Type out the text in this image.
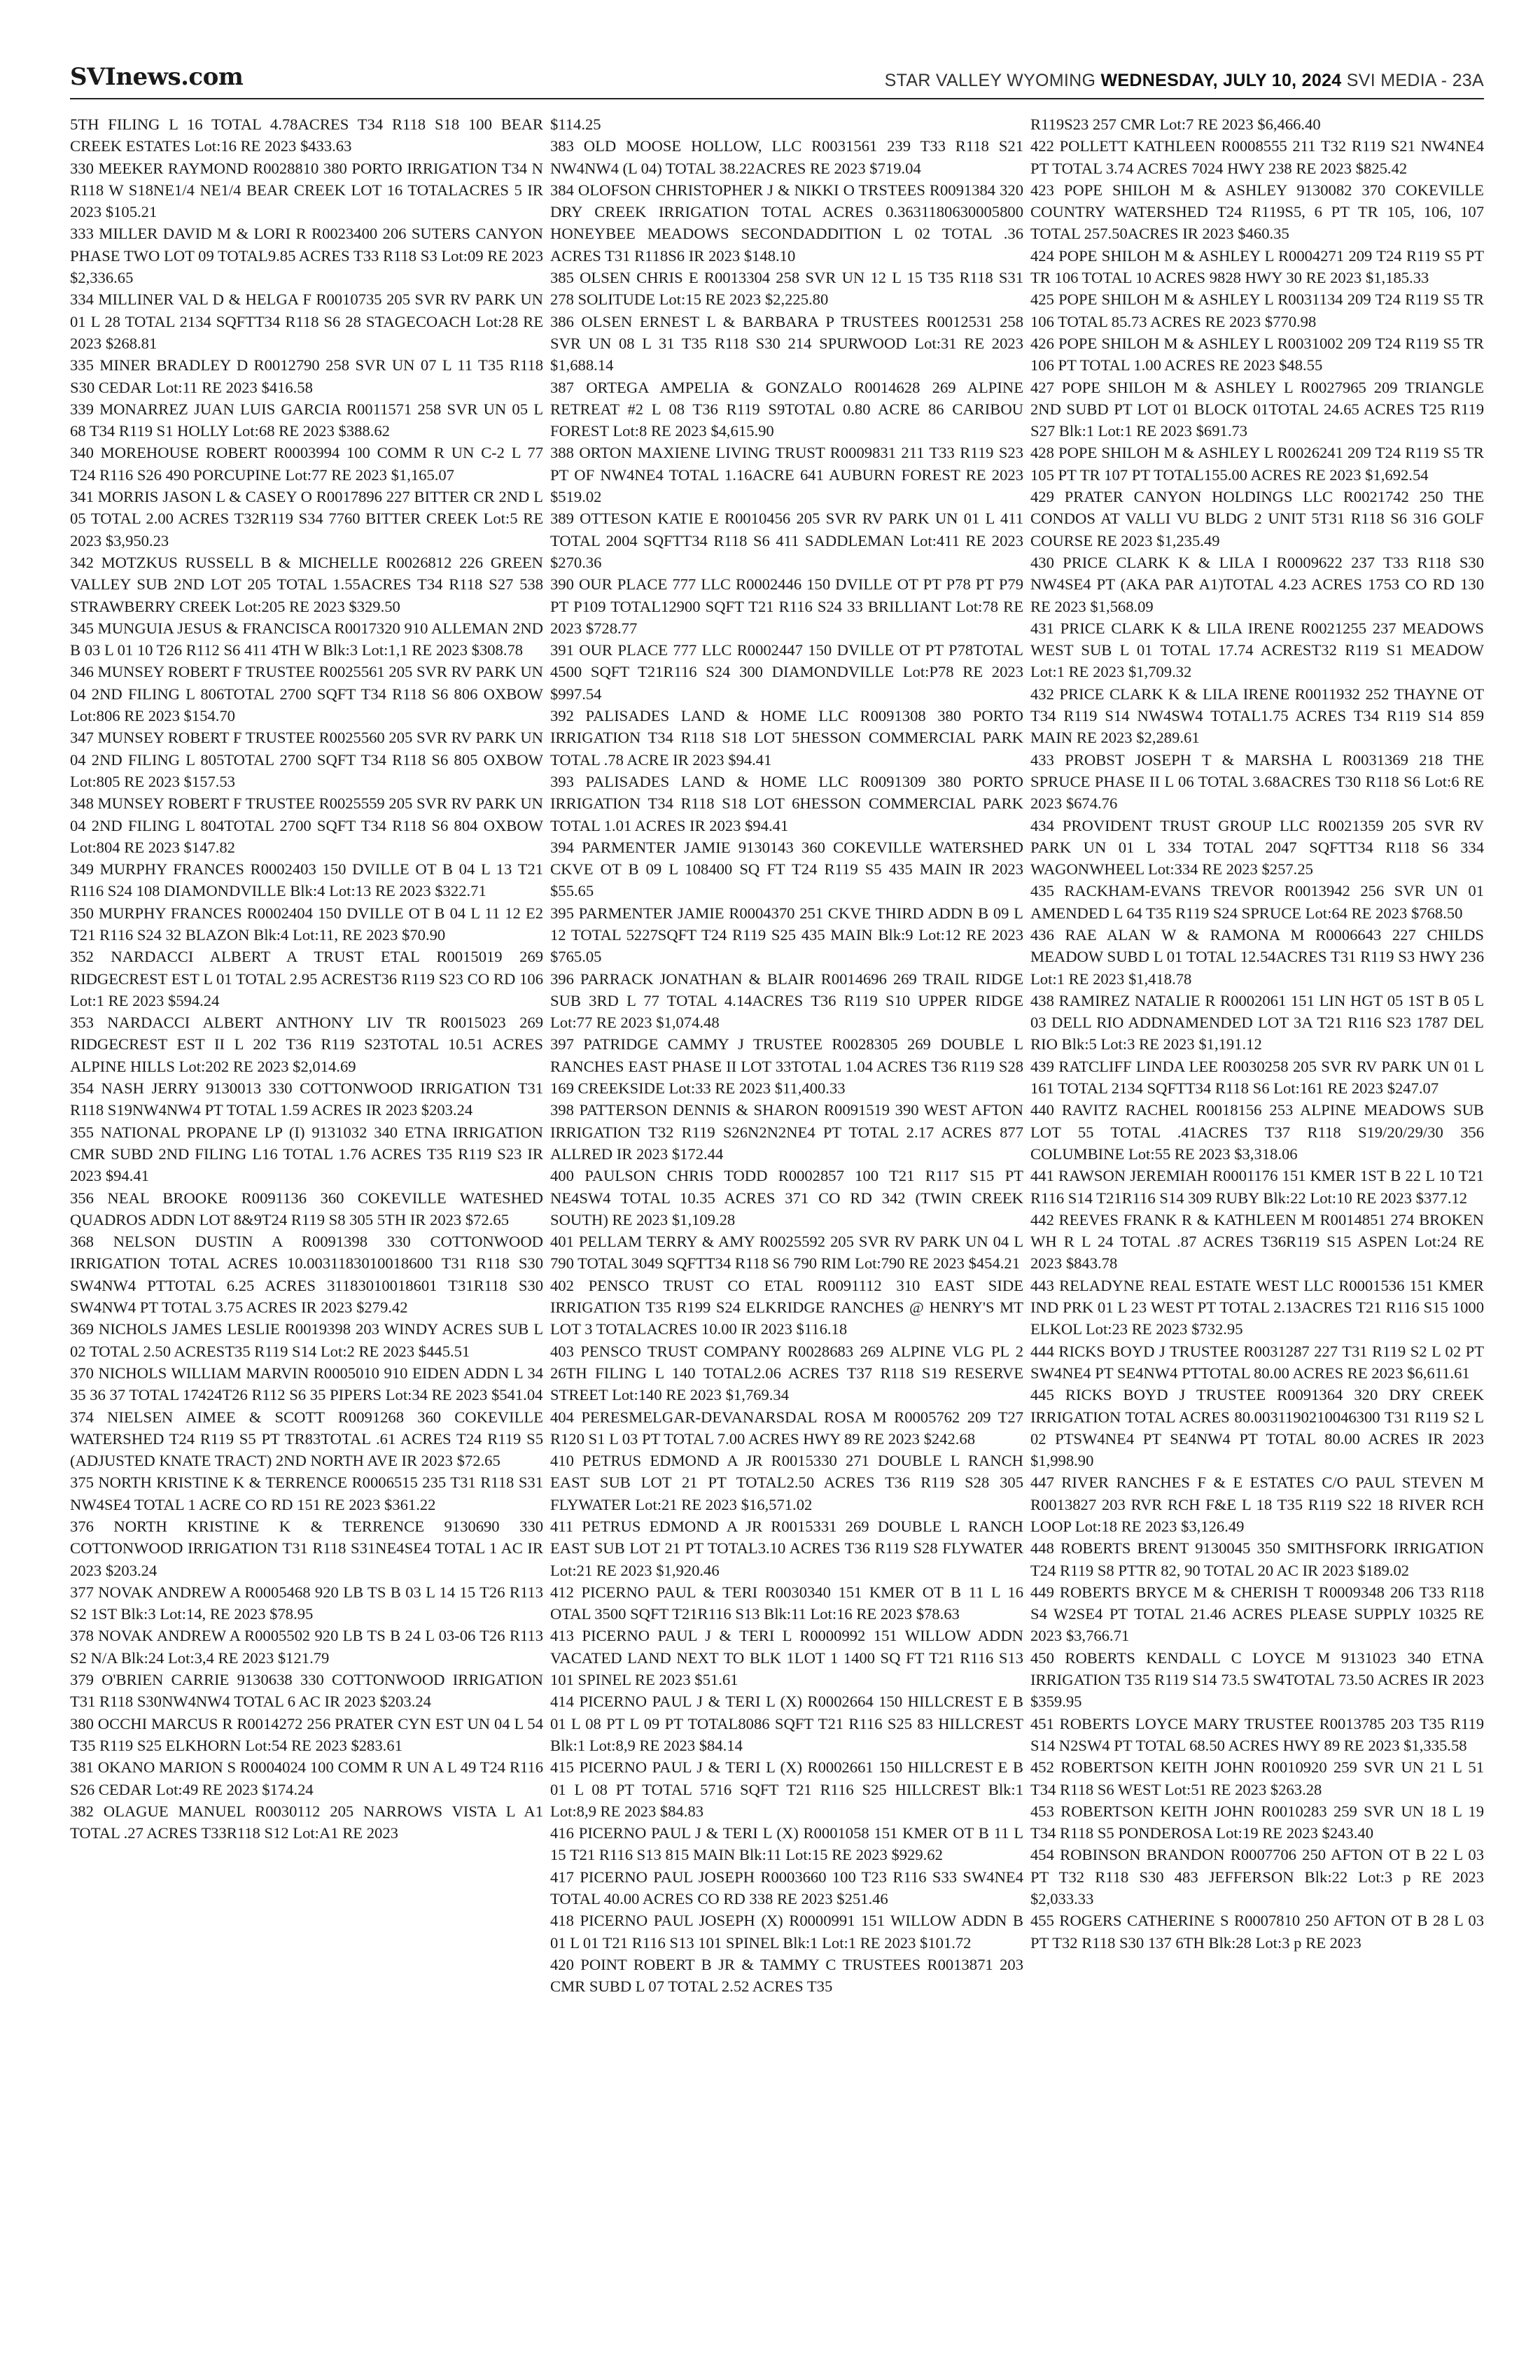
SVInews.com	STAR VALLEY WYOMING WEDNESDAY, JULY 10, 2024 SVI MEDIA - 23A

5TH FILING L 16 TOTAL 4.78ACRES T34 R118 S18 100 BEAR CREEK ESTATES Lot:16 RE 2023 $433.63

330 MEEKER RAYMOND R0028810 380 PORTO IRRIGATION T34 N R118 W S18NE1/4 NE1/4 BEAR CREEK LOT 16 TOTALACRES 5 IR 2023 $105.21

333 MILLER DAVID M & LORI R R0023400 206 SUTERS CANYON PHASE TWO LOT 09 TOTAL9.85 ACRES T33 R118 S3 Lot:09 RE 2023 $2,336.65

334 MILLINER VAL D & HELGA F R0010735 205 SVR RV PARK UN 01 L 28 TOTAL 2134 SQFTT34 R118 S6 28 STAGECOACH Lot:28 RE 2023 $268.81

335 MINER BRADLEY D R0012790 258 SVR UN 07 L 11 T35 R118 S30 CEDAR Lot:11 RE 2023 $416.58

339 MONARREZ JUAN LUIS GARCIA R0011571 258 SVR UN 05 L 68 T34 R119 S1 HOLLY Lot:68 RE 2023 $388.62

340 MOREHOUSE ROBERT R0003994 100 COMM R UN C-2 L 77 T24 R116 S26 490 PORCUPINE Lot:77 RE 2023 $1,165.07

341 MORRIS JASON L & CASEY O R0017896 227 BITTER CR 2ND L 05 TOTAL 2.00 ACRES T32R119 S34 7760 BITTER CREEK Lot:5 RE 2023 $3,950.23

342 MOTZKUS RUSSELL B & MICHELLE R0026812 226 GREEN VALLEY SUB 2ND LOT 205 TOTAL 1.55ACRES T34 R118 S27 538 STRAWBERRY CREEK Lot:205 RE 2023 $329.50

345 MUNGUIA JESUS & FRANCISCA R0017320 910 ALLEMAN 2ND B 03 L 01 10 T26 R112 S6 411 4TH W Blk:3 Lot:1,1 RE 2023 $308.78

346 MUNSEY ROBERT F TRUSTEE R0025561 205 SVR RV PARK UN 04 2ND FILING L 806TOTAL 2700 SQFT T34 R118 S6 806 OXBOW Lot:806 RE 2023 $154.70

347 MUNSEY ROBERT F TRUSTEE R0025560 205 SVR RV PARK UN 04 2ND FILING L 805TOTAL 2700 SQFT T34 R118 S6 805 OXBOW Lot:805 RE 2023 $157.53

348 MUNSEY ROBERT F TRUSTEE R0025559 205 SVR RV PARK UN 04 2ND FILING L 804TOTAL 2700 SQFT T34 R118 S6 804 OXBOW Lot:804 RE 2023 $147.82

349 MURPHY FRANCES R0002403 150 DVILLE OT B 04 L 13 T21 R116 S24 108 DIAMONDVILLE Blk:4 Lot:13 RE 2023 $322.71

350 MURPHY FRANCES R0002404 150 DVILLE OT B 04 L 11 12 E2 T21 R116 S24 32 BLAZON Blk:4 Lot:11, RE 2023 $70.90

352 NARDACCI ALBERT A TRUST ETAL R0015019 269 RIDGECREST EST L 01 TOTAL 2.95 ACREST36 R119 S23 CO RD 106 Lot:1 RE 2023 $594.24

353 NARDACCI ALBERT ANTHONY LIV TR R0015023 269 RIDGECREST EST II L 202 T36 R119 S23TOTAL 10.51 ACRES ALPINE HILLS Lot:202 RE 2023 $2,014.69

354 NASH JERRY 9130013 330 COTTONWOOD IRRIGATION T31 R118 S19NW4NW4 PT TOTAL 1.59 ACRES IR 2023 $203.24

355 NATIONAL PROPANE LP (I) 9131032 340 ETNA IRRIGATION CMR SUBD 2ND FILING L16 TOTAL 1.76 ACRES T35 R119 S23 IR 2023 $94.41

356 NEAL BROOKE R0091136 360 COKEVILLE WATESHED QUADROS ADDN LOT 8&9T24 R119 S8 305 5TH IR 2023 $72.65

368 NELSON DUSTIN A R0091398 330 COTTONWOOD IRRIGATION TOTAL ACRES 10.0031183010018600 T31 R118 S30 SW4NW4 PTTOTAL 6.25 ACRES 31183010018601 T31R118 S30 SW4NW4 PT TOTAL 3.75 ACRES IR 2023 $279.42

369 NICHOLS JAMES LESLIE R0019398 203 WINDY ACRES SUB L 02 TOTAL 2.50 ACREST35 R119 S14 Lot:2 RE 2023 $445.51

370 NICHOLS WILLIAM MARVIN R0005010 910 EIDEN ADDN L 34 35 36 37 TOTAL 17424T26 R112 S6 35 PIPERS Lot:34 RE 2023 $541.04

374 NIELSEN AIMEE & SCOTT R0091268 360 COKEVILLE WATERSHED T24 R119 S5 PT TR83TOTAL .61 ACRES T24 R119 S5 (ADJUSTED KNATE TRACT) 2ND NORTH AVE IR 2023 $72.65

375 NORTH KRISTINE K & TERRENCE R0006515 235 T31 R118 S31 NW4SE4 TOTAL 1 ACRE CO RD 151 RE 2023 $361.22

376 NORTH KRISTINE K & TERRENCE 9130690 330 COTTONWOOD IRRIGATION T31 R118 S31NE4SE4 TOTAL 1 AC IR 2023 $203.24

377 NOVAK ANDREW A R0005468 920 LB TS B 03 L 14 15 T26 R113 S2 1ST Blk:3 Lot:14, RE 2023 $78.95

378 NOVAK ANDREW A R0005502 920 LB TS B 24 L 03-06 T26 R113 S2 N/A Blk:24 Lot:3,4 RE 2023 $121.79

379 O'BRIEN CARRIE 9130638 330 COTTONWOOD IRRIGATION T31 R118 S30NW4NW4 TOTAL 6 AC IR 2023 $203.24

380 OCCHI MARCUS R R0014272 256 PRATER CYN EST UN 04 L 54 T35 R119 S25 ELKHORN Lot:54 RE 2023 $283.61

381 OKANO MARION S R0004024 100 COMM R UN A L 49 T24 R116 S26 CEDAR Lot:49 RE 2023 $174.24

382 OLAGUE MANUEL R0030112 205 NARROWS VISTA L A1 TOTAL .27 ACRES T33R118 S12 Lot:A1 RE 2023

$114.25

383 OLD MOOSE HOLLOW, LLC R0031561 239 T33 R118 S21 NW4NW4 (L 04) TOTAL 38.22ACRES RE 2023 $719.04

384 OLOFSON CHRISTOPHER J & NIKKI O TRSTEES R0091384 320 DRY CREEK IRRIGATION TOTAL ACRES 0.3631180630005800 HONEYBEE MEADOWS SECONDADDITION L 02 TOTAL .36 ACRES T31 R118S6 IR 2023 $148.10

385 OLSEN CHRIS E R0013304 258 SVR UN 12 L 15 T35 R118 S31 278 SOLITUDE Lot:15 RE 2023 $2,225.80

386 OLSEN ERNEST L & BARBARA P TRUSTEES R0012531 258 SVR UN 08 L 31 T35 R118 S30 214 SPURWOOD Lot:31 RE 2023 $1,688.14

387 ORTEGA AMPELIA & GONZALO R0014628 269 ALPINE RETREAT #2 L 08 T36 R119 S9TOTAL 0.80 ACRE 86 CARIBOU FOREST Lot:8 RE 2023 $4,615.90

388 ORTON MAXIENE LIVING TRUST R0009831 211 T33 R119 S23 PT OF NW4NE4 TOTAL 1.16ACRE 641 AUBURN FOREST RE 2023 $519.02

389 OTTESON KATIE E R0010456 205 SVR RV PARK UN 01 L 411 TOTAL 2004 SQFTT34 R118 S6 411 SADDLEMAN Lot:411 RE 2023 $270.36

390 OUR PLACE 777 LLC R0002446 150 DVILLE OT PT P78 PT P79 PT P109 TOTAL12900 SQFT T21 R116 S24 33 BRILLIANT Lot:78 RE 2023 $728.77

391 OUR PLACE 777 LLC R0002447 150 DVILLE OT PT P78TOTAL 4500 SQFT T21R116 S24 300 DIAMONDVILLE Lot:P78 RE 2023 $997.54

392 PALISADES LAND & HOME LLC R0091308 380 PORTO IRRIGATION T34 R118 S18 LOT 5HESSON COMMERCIAL PARK TOTAL .78 ACRE IR 2023 $94.41

393 PALISADES LAND & HOME LLC R0091309 380 PORTO IRRIGATION T34 R118 S18 LOT 6HESSON COMMERCIAL PARK TOTAL 1.01 ACRES IR 2023 $94.41

394 PARMENTER JAMIE 9130143 360 COKEVILLE WATERSHED CKVE OT B 09 L 108400 SQ FT T24 R119 S5 435 MAIN IR 2023 $55.65

395 PARMENTER JAMIE R0004370 251 CKVE THIRD ADDN B 09 L 12 TOTAL 5227SQFT T24 R119 S25 435 MAIN Blk:9 Lot:12 RE 2023 $765.05

396 PARRACK JONATHAN & BLAIR R0014696 269 TRAIL RIDGE SUB 3RD L 77 TOTAL 4.14ACRES T36 R119 S10 UPPER RIDGE Lot:77 RE 2023 $1,074.48

397 PATRIDGE CAMMY J TRUSTEE R0028305 269 DOUBLE L RANCHES EAST PHASE II LOT 33TOTAL 1.04 ACRES T36 R119 S28 169 CREEKSIDE Lot:33 RE 2023 $11,400.33

398 PATTERSON DENNIS & SHARON R0091519 390 WEST AFTON IRRIGATION T32 R119 S26N2N2NE4 PT TOTAL 2.17 ACRES 877 ALLRED IR 2023 $172.44

400 PAULSON CHRIS TODD R0002857 100 T21 R117 S15 PT NE4SW4 TOTAL 10.35 ACRES 371 CO RD 342 (TWIN CREEK SOUTH) RE 2023 $1,109.28

401 PELLAM TERRY & AMY R0025592 205 SVR RV PARK UN 04 L 790 TOTAL 3049 SQFTT34 R118 S6 790 RIM Lot:790 RE 2023 $454.21

402 PENSCO TRUST CO ETAL R0091112 310 EAST SIDE IRRIGATION T35 R199 S24 ELKRIDGE RANCHES @ HENRY'S MT LOT 3 TOTALACRES 10.00 IR 2023 $116.18

403 PENSCO TRUST COMPANY R0028683 269 ALPINE VLG PL 2 26TH FILING L 140 TOTAL2.06 ACRES T37 R118 S19 RESERVE STREET Lot:140 RE 2023 $1,769.34

404 PERESMELGAR-DEVANARSDAL ROSA M R0005762 209 T27 R120 S1 L 03 PT TOTAL 7.00 ACRES HWY 89 RE 2023 $242.68

410 PETRUS EDMOND A JR R0015330 271 DOUBLE L RANCH EAST SUB LOT 21 PT TOTAL2.50 ACRES T36 R119 S28 305 FLYWATER Lot:21 RE 2023 $16,571.02

411 PETRUS EDMOND A JR R0015331 269 DOUBLE L RANCH EAST SUB LOT 21 PT TOTAL3.10 ACRES T36 R119 S28 FLYWATER Lot:21 RE 2023 $1,920.46

412 PICERNO PAUL & TERI R0030340 151 KMER OT B 11 L 16 OTAL 3500 SQFT T21R116 S13 Blk:11 Lot:16 RE 2023 $78.63

413 PICERNO PAUL J & TERI L R0000992 151 WILLOW ADDN VACATED LAND NEXT TO BLK 1LOT 1 1400 SQ FT T21 R116 S13 101 SPINEL RE 2023 $51.61

414 PICERNO PAUL J & TERI L (X) R0002664 150 HILLCREST E B 01 L 08 PT L 09 PT TOTAL8086 SQFT T21 R116 S25 83 HILLCREST Blk:1 Lot:8,9 RE 2023 $84.14

415 PICERNO PAUL J & TERI L (X) R0002661 150 HILLCREST E B 01 L 08 PT TOTAL 5716 SQFT T21 R116 S25 HILLCREST Blk:1 Lot:8,9 RE 2023 $84.83

416 PICERNO PAUL J & TERI L (X) R0001058 151 KMER OT B 11 L 15 T21 R116 S13 815 MAIN Blk:11 Lot:15 RE 2023 $929.62

417 PICERNO PAUL JOSEPH R0003660 100 T23 R116 S33 SW4NE4 TOTAL 40.00 ACRES CO RD 338 RE 2023 $251.46

418 PICERNO PAUL JOSEPH (X) R0000991 151 WILLOW ADDN B 01 L 01 T21 R116 S13 101 SPINEL Blk:1 Lot:1 RE 2023 $101.72

420 POINT ROBERT B JR & TAMMY C TRUSTEES R0013871 203 CMR SUBD L 07 TOTAL 2.52 ACRES T35

R119S23 257 CMR Lot:7 RE 2023 $6,466.40

422 POLLETT KATHLEEN R0008555 211 T32 R119 S21 NW4NE4 PT TOTAL 3.74 ACRES 7024 HWY 238 RE 2023 $825.42

423 POPE SHILOH M & ASHLEY 9130082 370 COKEVILLE COUNTRY WATERSHED T24 R119S5, 6 PT TR 105, 106, 107 TOTAL 257.50ACRES IR 2023 $460.35

424 POPE SHILOH M & ASHLEY L R0004271 209 T24 R119 S5 PT TR 106 TOTAL 10 ACRES 9828 HWY 30 RE 2023 $1,185.33

425 POPE SHILOH M & ASHLEY L R0031134 209 T24 R119 S5 TR 106 TOTAL 85.73 ACRES RE 2023 $770.98

426 POPE SHILOH M & ASHLEY L R0031002 209 T24 R119 S5 TR 106 PT TOTAL 1.00 ACRES RE 2023 $48.55

427 POPE SHILOH M & ASHLEY L R0027965 209 TRIANGLE 2ND SUBD PT LOT 01 BLOCK 01TOTAL 24.65 ACRES T25 R119 S27 Blk:1 Lot:1 RE 2023 $691.73

428 POPE SHILOH M & ASHLEY L R0026241 209 T24 R119 S5 TR 105 PT TR 107 PT TOTAL155.00 ACRES RE 2023 $1,692.54

429 PRATER CANYON HOLDINGS LLC R0021742 250 THE CONDOS AT VALLI VU BLDG 2 UNIT 5T31 R118 S6 316 GOLF COURSE RE 2023 $1,235.49

430 PRICE CLARK K & LILA I R0009622 237 T33 R118 S30 NW4SE4 PT (AKA PAR A1)TOTAL 4.23 ACRES 1753 CO RD 130 RE 2023 $1,568.09

431 PRICE CLARK K & LILA IRENE R0021255 237 MEADOWS WEST SUB L 01 TOTAL 17.74 ACREST32 R119 S1 MEADOW Lot:1 RE 2023 $1,709.32

432 PRICE CLARK K & LILA IRENE R0011932 252 THAYNE OT T34 R119 S14 NW4SW4 TOTAL1.75 ACRES T34 R119 S14 859 MAIN RE 2023 $2,289.61

433 PROBST JOSEPH T & MARSHA L R0031369 218 THE SPRUCE PHASE II L 06 TOTAL 3.68ACRES T30 R118 S6 Lot:6 RE 2023 $674.76

434 PROVIDENT TRUST GROUP LLC R0021359 205 SVR RV PARK UN 01 L 334 TOTAL 2047 SQFTT34 R118 S6 334 WAGONWHEEL Lot:334 RE 2023 $257.25

435 RACKHAM-EVANS TREVOR R0013942 256 SVR UN 01 AMENDED L 64 T35 R119 S24 SPRUCE Lot:64 RE 2023 $768.50

436 RAE ALAN W & RAMONA M R0006643 227 CHILDS MEADOW SUBD L 01 TOTAL 12.54ACRES T31 R119 S3 HWY 236 Lot:1 RE 2023 $1,418.78

438 RAMIREZ NATALIE R R0002061 151 LIN HGT 05 1ST B 05 L 03 DELL RIO ADDNAMENDED LOT 3A T21 R116 S23 1787 DEL RIO Blk:5 Lot:3 RE 2023 $1,191.12

439 RATCLIFF LINDA LEE R0030258 205 SVR RV PARK UN 01 L 161 TOTAL 2134 SQFTT34 R118 S6 Lot:161 RE 2023 $247.07

440 RAVITZ RACHEL R0018156 253 ALPINE MEADOWS SUB LOT 55 TOTAL .41ACRES T37 R118 S19/20/29/30 356 COLUMBINE Lot:55 RE 2023 $3,318.06

441 RAWSON JEREMIAH R0001176 151 KMER 1ST B 22 L 10 T21 R116 S14 T21R116 S14 309 RUBY Blk:22 Lot:10 RE 2023 $377.12

442 REEVES FRANK R & KATHLEEN M R0014851 274 BROKEN WH R L 24 TOTAL .87 ACRES T36R119 S15 ASPEN Lot:24 RE 2023 $843.78

443 RELADYNE REAL ESTATE WEST LLC R0001536 151 KMER IND PRK 01 L 23 WEST PT TOTAL 2.13ACRES T21 R116 S15 1000 ELKOL Lot:23 RE 2023 $732.95

444 RICKS BOYD J TRUSTEE R0031287 227 T31 R119 S2 L 02 PT SW4NE4 PT SE4NW4 PTTOTAL 80.00 ACRES RE 2023 $6,611.61

445 RICKS BOYD J TRUSTEE R0091364 320 DRY CREEK IRRIGATION TOTAL ACRES 80.0031190210046300 T31 R119 S2 L 02 PTSW4NE4 PT SE4NW4 PT TOTAL 80.00 ACRES IR 2023 $1,998.90

447 RIVER RANCHES F & E ESTATES C/O PAUL STEVEN M R0013827 203 RVR RCH F&E L 18 T35 R119 S22 18 RIVER RCH LOOP Lot:18 RE 2023 $3,126.49

448 ROBERTS BRENT 9130045 350 SMITHSFORK IRRIGATION T24 R119 S8 PTTR 82, 90 TOTAL 20 AC IR 2023 $189.02

449 ROBERTS BRYCE M & CHERISH T R0009348 206 T33 R118 S4 W2SE4 PT TOTAL 21.46 ACRES PLEASE SUPPLY 10325 RE 2023 $3,766.71

450 ROBERTS KENDALL C LOYCE M 9131023 340 ETNA IRRIGATION T35 R119 S14 73.5 SW4TOTAL 73.50 ACRES IR 2023 $359.95

451 ROBERTS LOYCE MARY TRUSTEE R0013785 203 T35 R119 S14 N2SW4 PT TOTAL 68.50 ACRES HWY 89 RE 2023 $1,335.58

452 ROBERTSON KEITH JOHN R0010920 259 SVR UN 21 L 51 T34 R118 S6 WEST Lot:51 RE 2023 $263.28

453 ROBERTSON KEITH JOHN R0010283 259 SVR UN 18 L 19 T34 R118 S5 PONDEROSA Lot:19 RE 2023 $243.40

454 ROBINSON BRANDON R0007706 250 AFTON OT B 22 L 03 PT T32 R118 S30 483 JEFFERSON Blk:22 Lot:3 p RE 2023 $2,033.33

455 ROGERS CATHERINE S R0007810 250 AFTON OT B 28 L 03 PT T32 R118 S30 137 6TH Blk:28 Lot:3 p RE 2023
